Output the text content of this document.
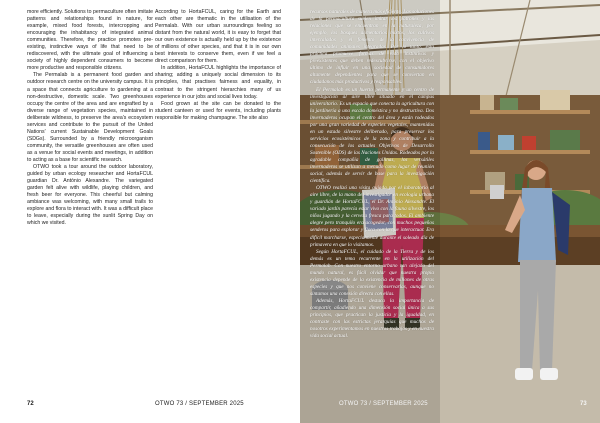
more efficiently. Solutions to permaculture often imitate patterns and relationships found in nature, for example, mixed food forests, intercropping and encouraging the inhabitancy of integrated animal communities. Therefore, the practice promotes pre-existing, instinctive ways of life that need to be rediscovered, with the ultimate goal of influencing a society of highly dependent consumers to become more productive and responsible citizens.

The Permalab is a permanent food garden and outdoor research centre on the university campus. It is a space that connects agriculture to gardening at a non-destructive, domestic scale. Two greenhouses occupy the centre of the area and are engrafted by a diverse range of vegetation species, maintained in deliberate wildness, to preserve the area's ecosystem services and contribute to the pursuit of the United Nations' current Sustainable Development Goals (SDGs). Surrounded by a friendly microorganism community, the versatile greenhouses are often used as a venue for social events and meetings, in addition to acting as a base for scientific research.

OTWO took a tour around the outdoor laboratory, guided by urban ecology researcher and HortaFCUL guardian Dr. António Alexandre. The variegated garden felt alive with wildlife, playing children, and fresh beer for everyone. This cheerful but calming ambiance was welcoming, with many small trails to explore and flora to interact with. It was a difficult place to leave, especially during the sunlit Spring Day on which we visited.

According to HortaFCUL, caring for the Earth and each other are thematic in the utilisation of the Permalab. With our urban surroundings feeling so distant from the natural world, it is easy to forget that our own existence is actually held up by the existence of millions of other species, and that it is in our own best interests to conserve them, even if we feel a direct comparison for them.

In addition, HortaFCUL highlights the importance of sharing; adding a uniquely social dimension to its principles, that practises fairness and equality, in contrast to the stringent hierarchies many of us experience in our jobs and social lives today.

Food grown at the site can be donated to the student canteen or used for events, including plants responsible for making champagne. The site also

72	OTWO 73 / SEPTEMBER 2025

recursos naturales de manera más eficiente. Las soluciones de la permacultura suelen imitar los patrones y las relaciones que se encuentran en la naturaleza, por ejemplo, los bosques alimentarios mixtos, los cultivos intercalados y el fomento de la convivencia de comunidades animales integradas. Por lo tanto, esta práctica promueve formas de vida instintivas y preexistentes que deben redescubrirse, con el objetivo último de influir en una sociedad de consumidores altamente dependientes para que se conviertan en ciudadanos más productivos y responsables.

El Permalab es un huerto permanente y un centro de investigación al aire libre situado en el campus universitario. Es un espacio que conecta la agricultura con la jardinería a una escala doméstica y no destructiva. Dos invernaderos ocupan el centro del área y están rodeados por una gran variedad de especies vegetales, mantenidas en un estado silvestre deliberado, para preservar los servicios ecosistémicos de la zona y contribuir a la consecución de los actuales Objetivos de Desarrollo Sostenible (ODS) de las Naciones Unidas. Rodeados por la agradable compañía de gallinas, los versátiles invernaderos se utilizan a menudo como lugar de reunión social, además de servir de base para la investigación científica.

OTWO realizó una visita guiada por el laboratorio al aire libre, de la mano del investigador en ecología urbana y guardián de HortaFCUL, el Dr. António Alexandre. El variado jardín parecía estar vivo con la fauna silvestre, los niños jugando y la cerveza fresca para todos. El ambiente alegre pero tranquilo era acogedor, con muchos pequeños senderos para explorar y flora con la que interactuar. Era difícil marcharse, especialmente durante el soleado día de primavera en que lo visitamos.

Según HortaFCUL, el cuidado de la Tierra y de los demás es un tema recurrente en la utilización del Permalab. Con nuestro entorno urbano tan alejado del mundo natural, es fácil olvidar que nuestra propia existencia depende de la existencia de millones de otras especies y que nos conviene conservarlas, aunque no sintamos una conexión directa con ellas.

Además, HortaFCUL destaca la importancia de compartir, añadiendo una dimensión social única a sus principios, que practican la justicia y la igualdad, en contraste con las estrictas jerarquías que muchos de nosotros experimentamos en nuestros trabajos y en nuestra vida social actual.

OTWO 73 / SEPTEMBER 2025	73
